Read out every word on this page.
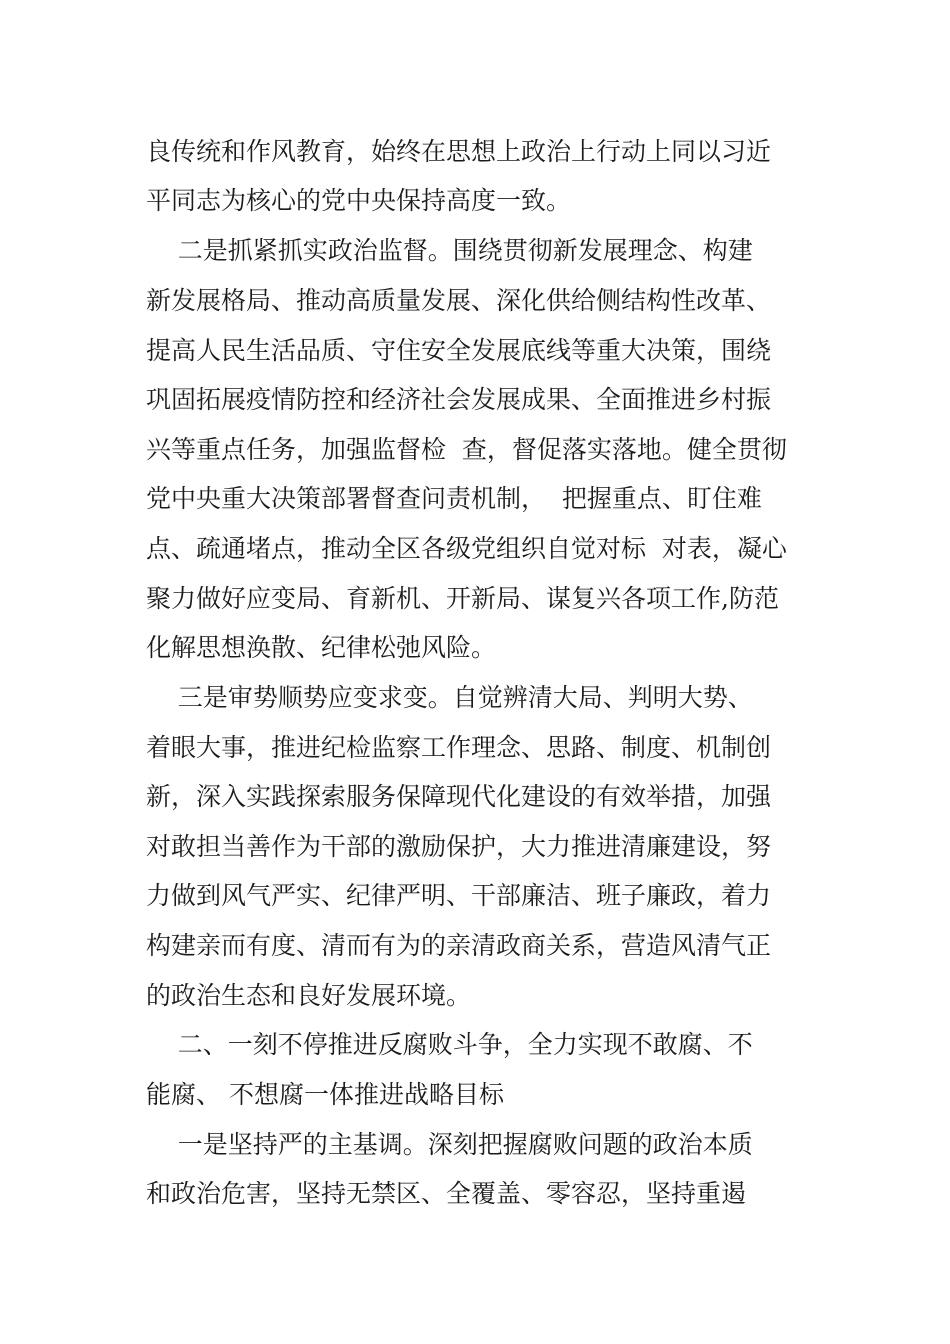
良传统和作风教育，始终在思想上政治上行动上同以习近
平同志为核心的党中央保持高度一致。
二是抓紧抓实政治监督。围绕贯彻新发展理念、构建
新发展格局、推动高质量发展、深化供给侧结构性改革、
提高人民生活品质、守住安全发展底线等重大决策，围绕
巩固拓展疫情防控和经济社会发展成果、全面推进乡村振
兴等重点任务，加强监督检  查，督促落实落地。健全贯彻
党中央重大决策部署督查问责机制，  把握重点、盯住难
点、疏通堵点，推动全区各级党组织自觉对标  对表，凝心
聚力做好应变局、育新机、开新局、谋复兴各项工作,防范
化解思想涣散、纪律松弛风险。
三是审势顺势应变求变。自觉辨清大局、判明大势、
着眼大事，推进纪检监察工作理念、思路、制度、机制创
新，深入实践探索服务保障现代化建设的有效举措，加强
对敢担当善作为干部的激励保护，大力推进清廉建设，努
力做到风气严实、纪律严明、干部廉洁、班子廉政，着力
构建亲而有度、清而有为的亲清政商关系，营造风清气正
的政治生态和良好发展环境。
二、一刻不停推进反腐败斗争，全力实现不敢腐、不
能腐、 不想腐一体推进战略目标
一是坚持严的主基调。深刻把握腐败问题的政治本质
和政治危害，坚持无禁区、全覆盖、零容忍，坚持重遏
